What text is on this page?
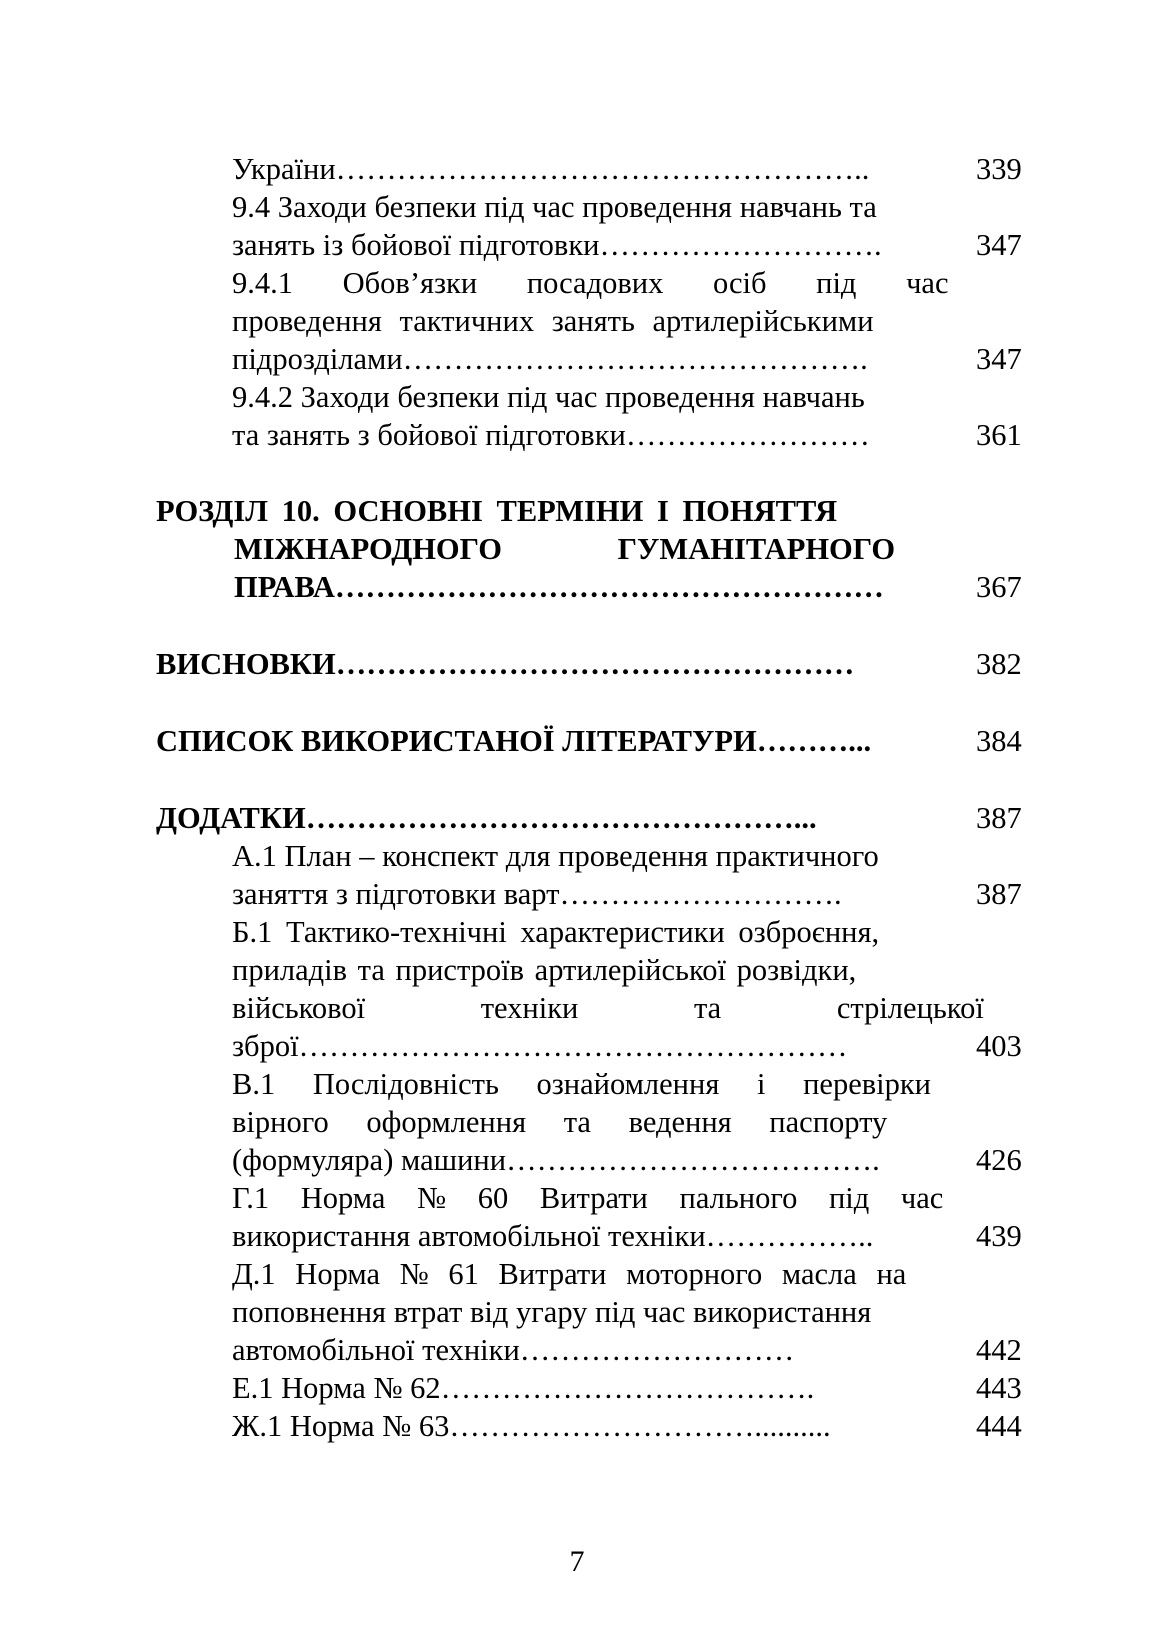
України……………………………………………..	339
9.4 Заходи безпеки під час проведення навчань та
занять із бойової підготовки……………………….	347
9.4.1 Обов’язки посадових осіб під час
проведення тактичних занять артилерійськими
підрозділами……………………………………….	347
9.4.2 Заходи безпеки під час проведення навчань
та занять з бойової підготовки……………………	361
РОЗДІЛ 10. ОСНОВНІ ТЕРМІНИ І ПОНЯТТЯ
МІЖНАРОДНОГО ГУМАНІТАРНОГО
ПРАВА………………………………………………	367
ВИСНОВКИ……………………………………………	382
СПИСОК ВИКОРИСТАНОЇ ЛІТЕРАТУРИ………...	384
ДОДАТКИ…………………………………………...	387
А.1 План – конспект для проведення практичного
заняття з підготовки варт……………………….	387
Б.1 Тактико-технічні характеристики озброєння,
приладів та пристроїв артилерійської розвідки,
військової техніки та стрілецької
зброї………………………………………………	403
В.1 Послідовність ознайомлення і перевірки
вірного оформлення та ведення паспорту
(формуляра) машини……………………………….	426
Г.1 Норма № 60 Витрати пального під час
використання автомобільної техніки……………..	439
Д.1 Норма № 61 Витрати моторного масла на
поповнення втрат від угару під час використання
автомобільної техніки………………………	442
Е.1 Норма № 62……………………………….	443
Ж.1 Норма № 63…………………………..........	444
7
